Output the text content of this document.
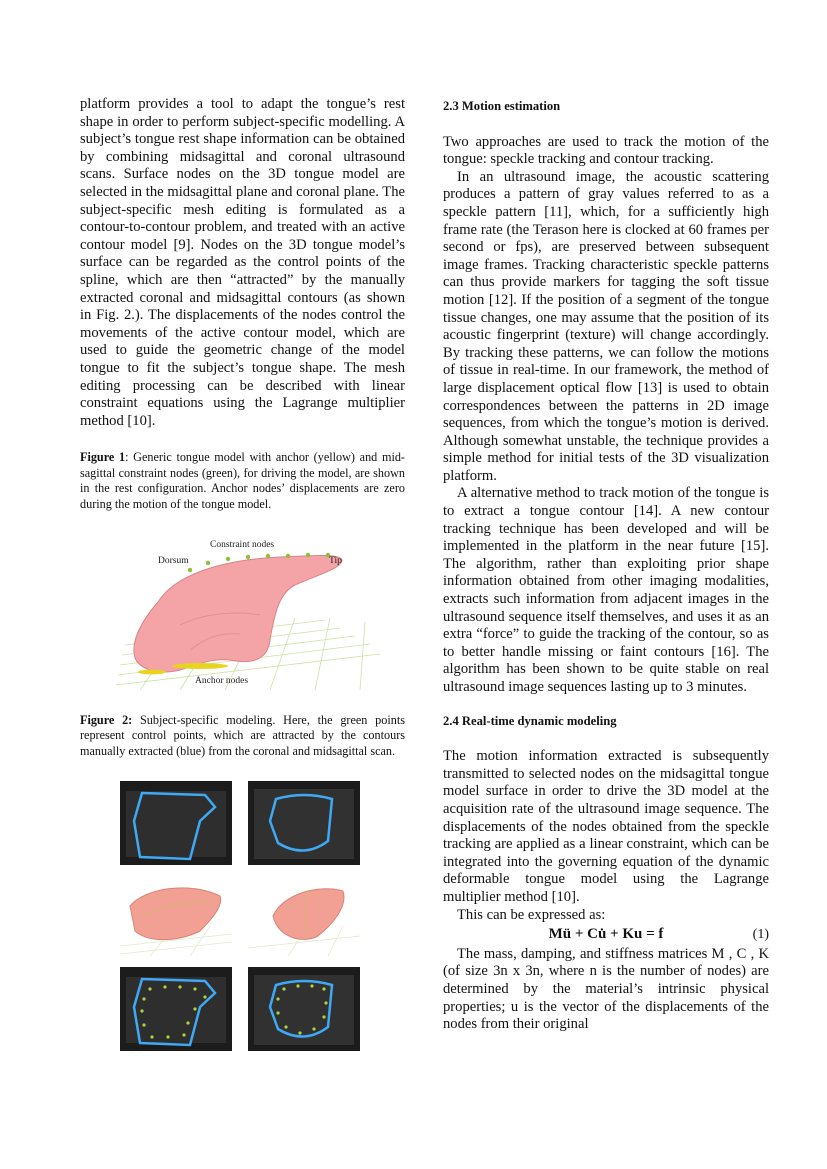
platform provides a tool to adapt the tongue’s rest shape in order to perform subject-specific modelling. A subject’s tongue rest shape information can be obtained by combining midsagittal and coronal ultrasound scans. Surface nodes on the 3D tongue model are selected in the midsagittal plane and coronal plane. The subject-specific mesh editing is formulated as a contour-to-contour problem, and treated with an active contour model [9]. Nodes on the 3D tongue model’s surface can be regarded as the control points of the spline, which are then “attracted” by the manually extracted coronal and midsagittal contours (as shown in Fig. 2.). The displacements of the nodes control the movements of the active contour model, which are used to guide the geometric change of the model tongue to fit the subject’s tongue shape. The mesh editing processing can be described with linear constraint equations using the Lagrange multiplier method [10].

Figure 1: Generic tongue model with anchor (yellow) and mid-sagittal constraint nodes (green), for driving the model, are shown in the rest configuration. Anchor nodes’ displacements are zero during the motion of the tongue model.

Constraint nodes
Dorsum	Tip
Anchor nodes

Figure 2: Subject-specific modeling. Here, the green points represent control points, which are attracted by the contours manually extracted (blue) from the coronal and midsagittal scan.

2.3 Motion estimation

Two approaches are used to track the motion of the tongue: speckle tracking and contour tracking.

In an ultrasound image, the acoustic scattering produces a pattern of gray values referred to as a speckle pattern [11], which, for a sufficiently high frame rate (the Terason here is clocked at 60 frames per second or fps), are preserved between subsequent image frames. Tracking characteristic speckle patterns can thus provide markers for tagging the soft tissue motion [12]. If the position of a segment of the tongue tissue changes, one may assume that the position of its acoustic fingerprint (texture) will change accordingly. By tracking these patterns, we can follow the motions of tissue in real-time. In our framework, the method of large displacement optical flow [13] is used to obtain correspondences between the patterns in 2D image sequences, from which the tongue’s motion is derived. Although somewhat unstable, the technique provides a simple method for initial tests of the 3D visualization platform.

A alternative method to track motion of the tongue is to extract a tongue contour [14]. A new contour tracking technique has been developed and will be implemented in the platform in the near future [15]. The algorithm, rather than exploiting prior shape information obtained from other imaging modalities, extracts such information from adjacent images in the ultrasound sequence itself themselves, and uses it as an extra “force” to guide the tracking of the contour, so as to better handle missing or faint contours [16]. The algorithm has been shown to be quite stable on real ultrasound image sequences lasting up to 3 minutes.

2.4 Real-time dynamic modeling

The motion information extracted is subsequently transmitted to selected nodes on the midsagittal tongue model surface in order to drive the 3D model at the acquisition rate of the ultrasound image sequence. The displacements of the nodes obtained from the speckle tracking are applied as a linear constraint, which can be integrated into the governing equation of the dynamic deformable tongue model using the Lagrange multiplier method [10].

This can be expressed as:

Mü + Cu̇ + Ku = f	(1)

The mass, damping, and stiffness matrices M , C , K (of size 3n x 3n, where n is the number of nodes) are determined by the material’s intrinsic physical properties; u is the vector of the displacements of the nodes from their original
